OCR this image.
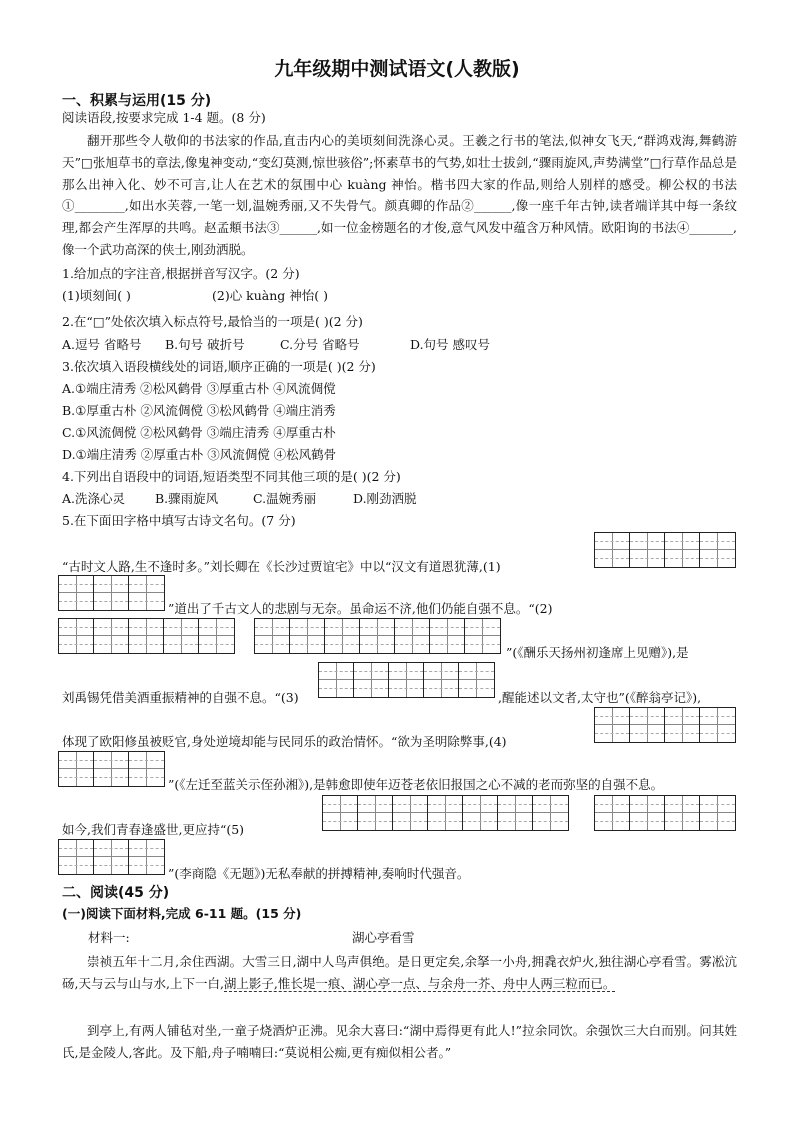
九年级期中测试语文(人教版)
一、积累与运用(15 分)
阅读语段,按要求完成 1-4 题。(8 分)
翻开那些令人敬仰的书法家的作品,直击内心的美顷刻间洗涤心灵。王羲之行书的笔法,似神女飞天,“群鸿戏海,舞鹤游天”□张旭草书的章法,像鬼神变动,“变幻莫测,惊世骇俗”;怀素草书的气势,如壮士拔剑,“骤雨旋风,声势满堂”□行草作品总是那么出神入化、妙不可言,让人在艺术的氛围中心 kuàng 神怡。楷书四大家的作品,则给人别样的感受。柳公权的书法①________,如出水芙蓉,一笔一划,温婉秀丽,又不失骨气。颜真卿的作品②______,像一座千年古钟,读者端详其中每一条纹理,都会产生浑厚的共鸣。赵孟頫书法③______,如一位金榜题名的才俊,意气风发中蕴含万种风情。欧阳询的书法④_______,像一个武功高深的侠士,刚劲洒脱。
1.给加点的字注音,根据拼音写汉字。(2 分)
(1)顷刻间( )	(2)心 kuàng 神怡( )
2.在“□”处依次填入标点符号,最恰当的一项是( )(2 分)
A.逗号 省略号 B.句号 破折号	C.分号 省略号	D.句号 感叹号
3.依次填入语段横线处的词语,顺序正确的一项是( )(2 分)
A.①端庄清秀 ②松风鹤骨 ③厚重古朴 ④风流倜傥
B.①厚重古朴 ②风流倜傥 ③松风鹤骨 ④端庄消秀
C.①风流倜傥 ②松风鹤骨 ③端庄清秀 ④厚重古朴
D.①端庄清秀 ②厚重古朴 ③风流倜傥 ④松风鹤骨
4.下列出自语段中的词语,短语类型不同其他三项的是( )(2 分)
A.洗涤心灵 B.骤雨旋风	C.温婉秀丽	D.刚劲洒脱
5.在下面田字格中填写古诗文名句。(7 分)
“古时文人路,生不逢时多。”刘长卿在《长沙过贾谊宅》中以“汉文有道恩犹薄,(1)
”道出了千古文人的悲剧与无奈。虽命运不济,他们仍能自强不息。“(2)
”(《酬乐天扬州初逢席上见赠》),是
刘禹锡凭借美酒重振精神的自强不息。“(3)	,醒能述以文者,太守也”(《醉翁亭记》),
体现了欧阳修虽被贬官,身处逆境却能与民同乐的政治情怀。“欲为圣明除弊事,(4)
”(《左迁至蓝关示侄孙湘》),是韩愈即使年迈苍老依旧报国之心不减的老而弥坚的自强不息。
如今,我们青春逢盛世,更应持“(5)
”(李商隐《无题》)无私奉献的拼搏精神,奏响时代强音。
二、阅读(45 分)
(一)阅读下面材料,完成 6-11 题。(15 分)
材料一:	湖心亭看雪
崇祯五年十二月,余住西湖。大雪三日,湖中人鸟声俱绝。是日更定矣,余拏一小舟,拥毳衣炉火,独往湖心亭看雪。雾凇沆砀,天与云与山与水,上下一白,湖上影子,惟长堤一痕、湖心亭一点、与余舟一芥、舟中人两三粒而已。
到亭上,有两人铺毡对坐,一童子烧酒炉正沸。见余大喜曰:“湖中焉得更有此人!”拉余同饮。余强饮三大白而别。问其姓氏,是金陵人,客此。及下船,舟子喃喃曰:“莫说相公痴,更有痴似相公者。”
